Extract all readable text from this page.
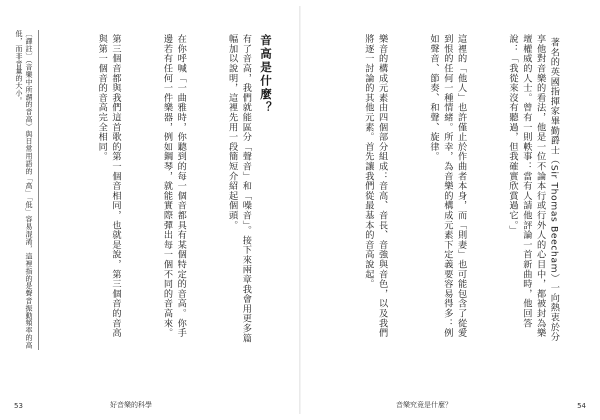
〔譯註〕（音樂中所謂的音高）與日常用語的「高」「低」容易混淆，這裡指的是聲音振動頻率的高低，而非音量的大小。	音高是什麼？

有了音高，我們就能區分「聲音」和「噪音」。接下來兩章我會用更多篇幅加以說明，這裡先用一段簡短介紹起個頭。

在你呼喊「一曲雅時，你聽到的每一個音都具有某個特定的音高。你手邊若有任何一件樂器，例如鋼琴，就能實際彈出每一個不同的音高來。

第三個音都與我們這首歌的第一個音相同，也就是說，第三個音的音高與第一個音的音高完全相同。

53	好音樂的科學

著名的英國指揮家畢勤爵士（Sir Thomas Beecham）一向熱衷於分享他對音樂的看法，他是一位不論本行或行外人的心目中，都被封為樂壇權威的人士。曾有一則軼事：當有人請他評論一首新曲時，他回答說：「我從來沒有聽過，但我確實欣賞過它。」

這裡的「他人」也許僅止於作曲者本身，而「則妻」也可能包含了從愛到恨的任何一種情緒。所幸，為音樂的構成元素下定義要容易得多：例如聲音、節奏、和聲、旋律。

樂音的構成元素由四個部分組成：音高、音長、音強與音色，以及我們將逐一討論的其他元素。首先讓我們從最基本的音高說起。

音樂究竟是什麼？	54
